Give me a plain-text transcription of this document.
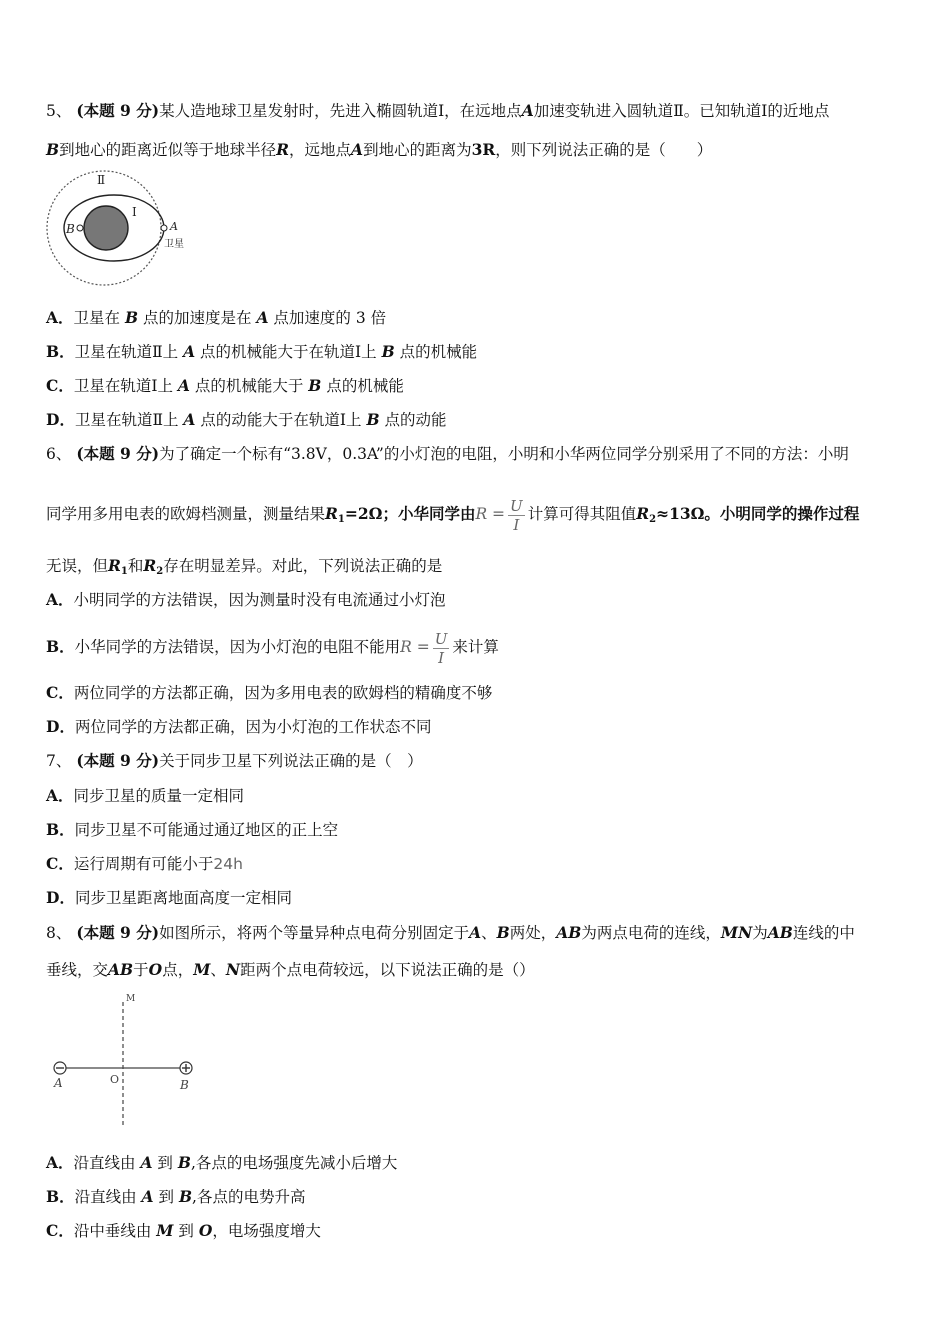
5、 (本题 9 分)某人造地球卫星发射时，先进入椭圆轨道Ⅰ，在远地点A加速变轨进入圆轨道Ⅱ。已知轨道Ⅰ的近地点
B到地心的距离近似等于地球半径R，远地点A到地心的距离为3R，则下列说法正确的是（　　）
Ⅱ
Ⅰ
B	A
卫星
A．卫星在 B 点的加速度是在 A 点加速度的 3 倍
B．卫星在轨道Ⅱ上 A 点的机械能大于在轨道Ⅰ上 B 点的机械能
C．卫星在轨道Ⅰ上 A 点的机械能大于 B 点的机械能
D．卫星在轨道Ⅱ上 A 点的动能大于在轨道Ⅰ上 B 点的动能
6、 (本题 9 分)为了确定一个标有“3.8V，0.3A”的小灯泡的电阻，小明和小华两位同学分别采用了不同的方法：小明
同学用多用电表的欧姆档测量，测量结果$R_1=2\Omega$；小华同学由$R = \frac{U}{I}$ 计算可得其阻值$R_2\approx 13\Omega$。小明同学的操作过程
无误，但$R_1$和$R_2$存在明显差异。对此，下列说法正确的是
A．小明同学的方法错误，因为测量时没有电流通过小灯泡
B．小华同学的方法错误，因为小灯泡的电阻不能用$R = \frac{U}{I}$ 来计算
C．两位同学的方法都正确，因为多用电表的欧姆档的精确度不够
D．两位同学的方法都正确，因为小灯泡的工作状态不同
7、 (本题 9 分)关于同步卫星下列说法正确的是（　）
A．同步卫星的质量一定相同
B．同步卫星不可能通过通辽地区的正上空
C．运行周期有可能小于24h
D．同步卫星距离地面高度一定相同
8、 (本题 9 分)如图所示，将两个等量异种点电荷分别固定于A、B两处，AB为两点电荷的连线，MN为AB连线的中
垂线，交AB于O点，M、N距两个点电荷较远，以下说法正确的是（）
M
O
A	B
A．沿直线由 A 到 B,各点的电场强度先减小后增大
B．沿直线由 A 到 B,各点的电势升高
C．沿中垂线由 M 到 O，电场强度增大
